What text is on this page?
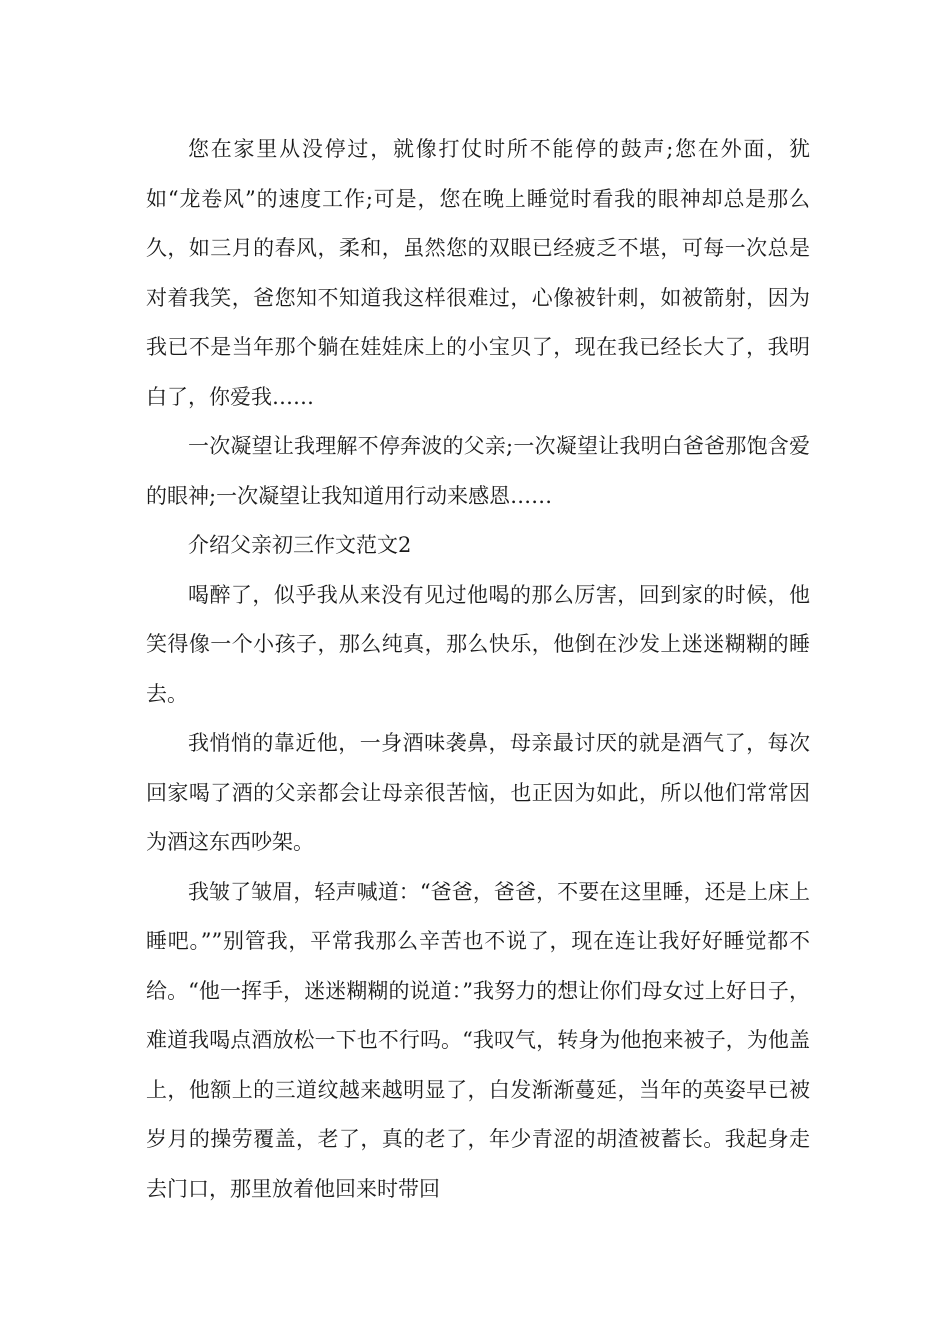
您在家里从没停过，就像打仗时所不能停的鼓声;您在外面，犹如“龙卷风”的速度工作;可是，您在晚上睡觉时看我的眼神却总是那么久，如三月的春风，柔和，虽然您的双眼已经疲乏不堪，可每一次总是对着我笑，爸您知不知道我这样很难过，心像被针刺，如被箭射，因为我已不是当年那个躺在娃娃床上的小宝贝了，现在我已经长大了，我明白了，你爱我……

一次凝望让我理解不停奔波的父亲;一次凝望让我明白爸爸那饱含爱的眼神;一次凝望让我知道用行动来感恩……

介绍父亲初三作文范文2

喝醉了，似乎我从来没有见过他喝的那么厉害，回到家的时候，他笑得像一个小孩子，那么纯真，那么快乐，他倒在沙发上迷迷糊糊的睡去。

我悄悄的靠近他，一身酒味袭鼻，母亲最讨厌的就是酒气了，每次回家喝了酒的父亲都会让母亲很苦恼，也正因为如此，所以他们常常因为酒这东西吵架。

我皱了皱眉，轻声喊道：“爸爸，爸爸，不要在这里睡，还是上床上睡吧。””别管我，平常我那么辛苦也不说了，现在连让我好好睡觉都不给。“他一挥手，迷迷糊糊的说道：”我努力的想让你们母女过上好日子，难道我喝点酒放松一下也不行吗。“我叹气，转身为他抱来被子，为他盖上，他额上的三道纹越来越明显了，白发渐渐蔓延，当年的英姿早已被岁月的操劳覆盖，老了，真的老了，年少青涩的胡渣被蓄长。我起身走去门口，那里放着他回来时带回
